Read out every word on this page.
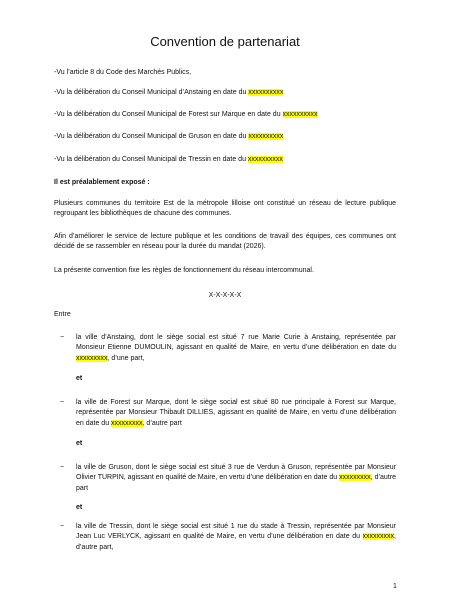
Convention de partenariat

-Vu l’article 8 du Code des Marchés Publics,

-Vu la délibération du Conseil Municipal d’Anstaing en date du xxxxxxxxxx

-Vu la délibération du Conseil Municipal de Forest sur Marque en date du xxxxxxxxxx

-Vu la délibération du Conseil Municipal de Gruson en date du xxxxxxxxxx

-Vu la délibération du Conseil Municipal de Tressin en date du xxxxxxxxxx

Il est préalablement exposé :

Plusieurs communes du territoire Est de la métropole lilloise ont constitué un réseau de lecture publique regroupant les bibliothèques de chacune des communes.

Afin d’améliorer le service de lecture publique et les conditions de travail des équipes, ces communes ont décidé de se rassembler en réseau pour la durée du mandat (2026).

La présente convention fixe les règles de fonctionnement du réseau intercommunal.

X-X-X-X-X

Entre

− la ville d’Anstaing, dont le siège social est situé 7 rue Marie Curie à Anstaing, représentée par Monsieur Etienne DUMOULIN, agissant en qualité de Maire, en vertu d’une délibération en date du xxxxxxxxx, d’une part,

et
− la ville de Forest sur Marque, dont le siège social est situé 80 rue principale à Forest sur Marque, représentée par Monsieur Thibault DILLIES, agissant en qualité de Maire, en vertu d’une délibération en date du xxxxxxxxx, d’autre part

et
− la ville de Gruson, dont le siège social est situé 3 rue de Verdun à Gruson, représentée par Monsieur Olivier TURPIN, agissant en qualité de Maire, en vertu d’une délibération en date du xxxxxxxxx, d’autre part

et
− la ville de Tressin, dont le siège social est situé 1 rue du stade à Tressin, représentée par Monsieur Jean Luc VERLYCK, agissant en qualité de Maire, en vertu d’une délibération en date du xxxxxxxxx, d’autre part,

1
